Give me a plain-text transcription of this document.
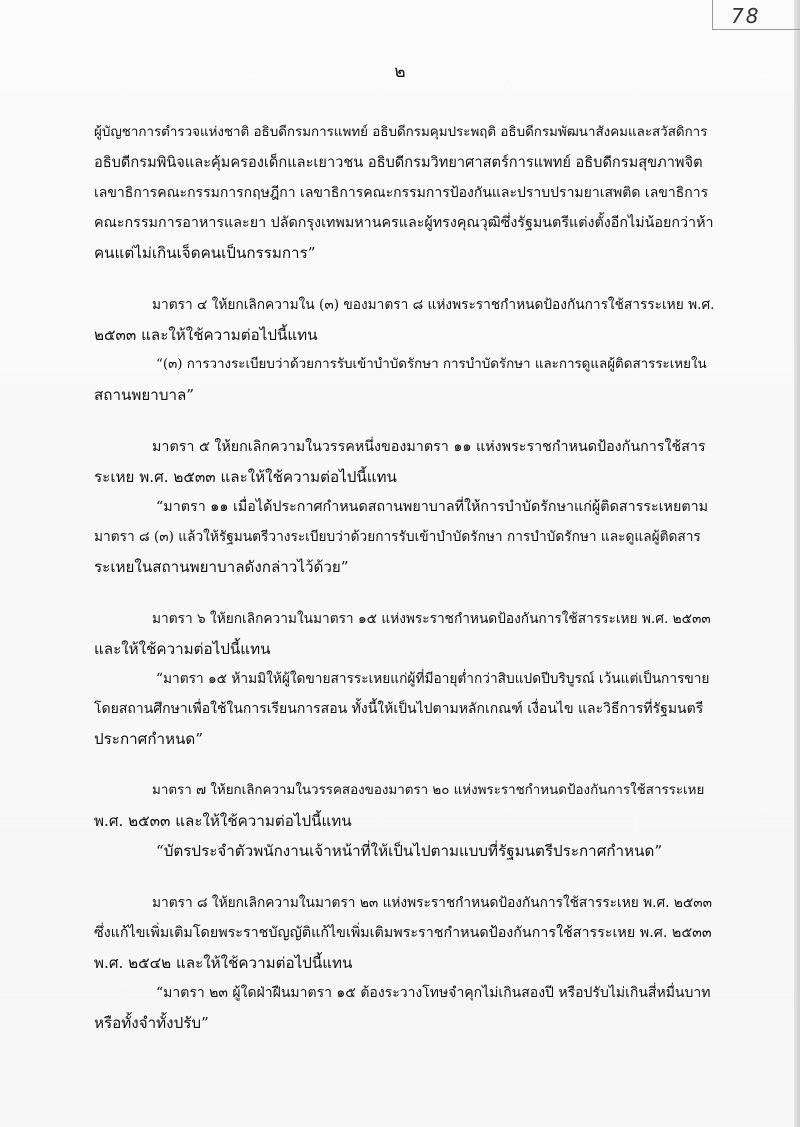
78
๒

ผู้บัญชาการตำรวจแห่งชาติ อธิบดีกรมการแพทย์ อธิบดีกรมคุมประพฤติ อธิบดีกรมพัฒนาสังคมและสวัสดิการ
อธิบดีกรมพินิจและคุ้มครองเด็กและเยาวชน อธิบดีกรมวิทยาศาสตร์การแพทย์ อธิบดีกรมสุขภาพจิต
เลขาธิการคณะกรรมการกฤษฎีกา เลขาธิการคณะกรรมการป้องกันและปราบปรามยาเสพติด เลขาธิการ
คณะกรรมการอาหารและยา ปลัดกรุงเทพมหานครและผู้ทรงคุณวุฒิซึ่งรัฐมนตรีแต่งตั้งอีกไม่น้อยกว่าห้า
คนแต่ไม่เกินเจ็ดคนเป็นกรรมการ”

มาตรา ๔ ให้ยกเลิกความใน (๓) ของมาตรา ๘ แห่งพระราชกำหนดป้องกันการใช้สารระเหย พ.ศ.
๒๕๓๓ และให้ใช้ความต่อไปนี้แทน
“(๓) การวางระเบียบว่าด้วยการรับเข้าบำบัดรักษา การบำบัดรักษา และการดูแลผู้ติดสารระเหยใน
สถานพยาบาล”

มาตรา ๕ ให้ยกเลิกความในวรรคหนึ่งของมาตรา ๑๑ แห่งพระราชกำหนดป้องกันการใช้สาร
ระเหย พ.ศ. ๒๕๓๓ และให้ใช้ความต่อไปนี้แทน
“มาตรา ๑๑ เมื่อได้ประกาศกำหนดสถานพยาบาลที่ให้การบำบัดรักษาแก่ผู้ติดสารระเหยตาม
มาตรา ๘ (๓) แล้วให้รัฐมนตรีวางระเบียบว่าด้วยการรับเข้าบำบัดรักษา การบำบัดรักษา และดูแลผู้ติดสาร
ระเหยในสถานพยาบาลดังกล่าวไว้ด้วย”

มาตรา ๖ ให้ยกเลิกความในมาตรา ๑๕ แห่งพระราชกำหนดป้องกันการใช้สารระเหย พ.ศ. ๒๕๓๓
และให้ใช้ความต่อไปนี้แทน
“มาตรา ๑๕ ห้ามมิให้ผู้ใดขายสารระเหยแก่ผู้ที่มีอายุต่ำกว่าสิบแปดปีบริบูรณ์ เว้นแต่เป็นการขาย
โดยสถานศึกษาเพื่อใช้ในการเรียนการสอน ทั้งนี้ให้เป็นไปตามหลักเกณฑ์ เงื่อนไข และวิธีการที่รัฐมนตรี
ประกาศกำหนด”

มาตรา ๗ ให้ยกเลิกความในวรรคสองของมาตรา ๒๐ แห่งพระราชกำหนดป้องกันการใช้สารระเหย
พ.ศ. ๒๕๓๓ และให้ใช้ความต่อไปนี้แทน
“บัตรประจำตัวพนักงานเจ้าหน้าที่ให้เป็นไปตามแบบที่รัฐมนตรีประกาศกำหนด”

มาตรา ๘ ให้ยกเลิกความในมาตรา ๒๓ แห่งพระราชกำหนดป้องกันการใช้สารระเหย พ.ศ. ๒๕๓๓
ซึ่งแก้ไขเพิ่มเติมโดยพระราชบัญญัติแก้ไขเพิ่มเติมพระราชกำหนดป้องกันการใช้สารระเหย พ.ศ. ๒๕๓๓
พ.ศ. ๒๕๔๒ และให้ใช้ความต่อไปนี้แทน
“มาตรา ๒๓ ผู้ใดฝ่าฝืนมาตรา ๑๕ ต้องระวางโทษจำคุกไม่เกินสองปี หรือปรับไม่เกินสี่หมื่นบาท
หรือทั้งจำทั้งปรับ”
